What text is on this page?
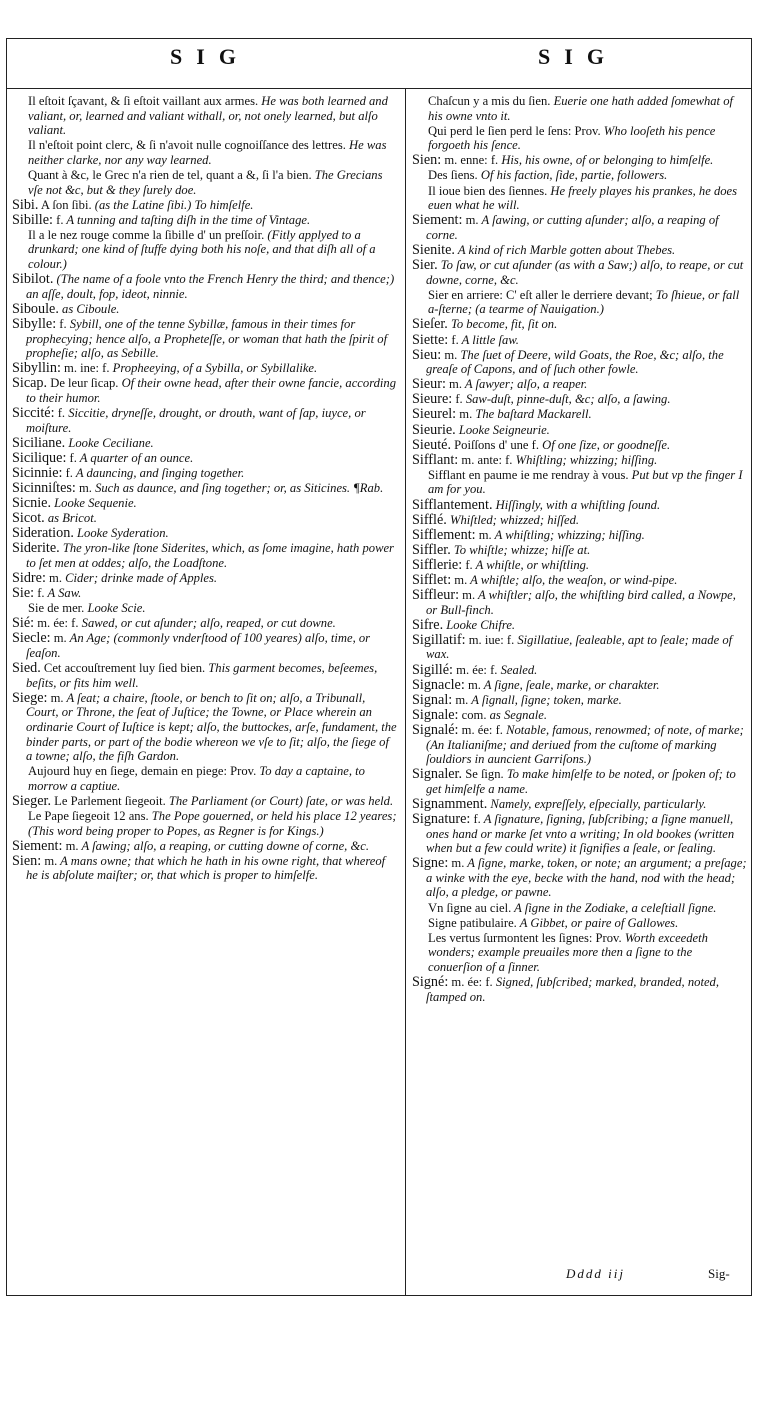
SIG	SIG

Il eſtoit ſçavant, & ſi eſtoit vaillant aux armes. He was both learned and valiant, or, learned and valiant withall, or, not onely learned, but alſo valiant.

Il n'eſtoit point clerc, & ſi n'avoit nulle cognoiſſance des lettres. He was neither clarke, nor any way learned.

Quant à &c, le Grec n'a rien de tel, quant a &, ſi l'a bien. The Grecians vſe not &c, but & they ſurely doe.

Sibi. A ſon ſibi. (as the Latine ſibi.) To himſelfe.

Sibille: f. A tunning and taſting diſh in the time of Vintage.

Il a le nez rouge comme la ſibille d' un preſſoir. (Fitly applyed to a drunkard; one kind of ſtuffe dying both his noſe, and that diſh all of a colour.)

Sibilot. (The name of a foole vnto the French Henry the third; and thence;) an aſſe, doult, fop, ideot, ninnie.

Siboule. as Ciboule.

Sibylle: f. Sybill, one of the tenne Sybillæ, famous in their times for prophecying; hence alſo, a Propheteſſe, or woman that hath the ſpirit of propheſie; alſo, as Sebille.

Sibyllin: m. ine: f. Propheeying, of a Sybilla, or Sybillalike.

Sicap. De leur ſicap. Of their owne head, after their owne fancie, according to their humor.

Siccité: f. Siccitie, dryneſſe, drought, or drouth, want of ſap, iuyce, or moiſture.

Siciliane. Looke Ceciliane.

Sicilique: f. A quarter of an ounce.

Sicinnie: f. A dauncing, and ſinging together.

Sicinniſtes: m. Such as daunce, and ſing together; or, as Siticines. ¶Rab.

Sicnie. Looke Sequenie.

Sicot. as Bricot.

Sideration. Looke Syderation.

Siderite. The yron-like ſtone Siderites, which, as ſome imagine, hath power to ſet men at oddes; alſo, the Loadſtone.

Sidre: m. Cider; drinke made of Apples.

Sie: f. A Saw.

Sie de mer. Looke Scie.

Sié: m. ée: f. Sawed, or cut aſunder; alſo, reaped, or cut downe.

Siecle: m. An Age; (commonly vnderſtood of 100 yeares) alſo, time, or ſeaſon.

Sied. Cet accouſtrement luy ſied bien. This garment becomes, beſeemes, beſits, or fits him well.

Siege: m. A ſeat; a chaire, ſtoole, or bench to ſit on; alſo, a Tribunall, Court, or Throne, the ſeat of Juſtice; the Towne, or Place wherein an ordinarie Court of Iuſtice is kept; alſo, the buttockes, arſe, fundament, the binder parts, or part of the bodie whereon we vſe to ſit; alſo, the ſiege of a towne; alſo, the fiſh Gardon.

Aujourd huy en ſiege, demain en piege: Prov. To day a captaine, to morrow a captiue.

Sieger. Le Parlement ſiegeoit. The Parliament (or Court) ſate, or was held.

Le Pape ſiegeoit 12 ans. The Pope gouerned, or held his place 12 yeares; (This word being proper to Popes, as Regner is for Kings.)

Siement: m. A ſawing; alſo, a reaping, or cutting downe of corne, &c.

Sien: m. A mans owne; that which he hath in his owne right, that whereof he is abſolute maiſter; or, that which is proper to himſelfe.

Chaſcun y a mis du ſien. Euerie one hath added ſomewhat of his owne vnto it.

Qui perd le ſien perd le ſens: Prov. Who looſeth his pence forgoeth his ſence.

Sien: m. enne: f. His, his owne, of or belonging to himſelfe.

Des ſiens. Of his faction, ſide, partie, followers.

Il ioue bien des ſiennes. He freely playes his prankes, he does euen what he will.

Siement: m. A ſawing, or cutting aſunder; alſo, a reaping of corne.

Sienite. A kind of rich Marble gotten about Thebes.

Sier. To ſaw, or cut aſunder (as with a Saw;) alſo, to reape, or cut downe, corne, &c.

Sier en arriere: C' eſt aller le derriere devant; To ſhieue, or fall a-ſterne; (a tearme of Nauigation.)

Sieſer. To become, fit, ſit on.

Siette: f. A little ſaw.

Sieu: m. The ſuet of Deere, wild Goats, the Roe, &c; alſo, the greaſe of Capons, and of ſuch other fowle.

Sieur: m. A ſawyer; alſo, a reaper.

Sieure: f. Saw-duſt, pinne-duſt, &c; alſo, a ſawing.

Sieurel: m. The baſtard Mackarell.

Sieurie. Looke Seigneurie.

Sieuté. Poiſſons d' une f. Of one ſize, or goodneſſe.

Sifflant: m. ante: f. Whiſtling; whizzing; hiſſing.

Sifflant en paume ie me rendray à vous. Put but vp the finger I am for you.

Sifflantement. Hiſſingly, with a whiſtling ſound.

Sifflé. Whiſtled; whizzed; hiſſed.

Sifflement: m. A whiſtling; whizzing; hiſſing.

Siffler. To whiſtle; whizze; hiſſe at.

Sifflerie: f. A whiſtle, or whiſtling.

Sifflet: m. A whiſtle; alſo, the weaſon, or wind-pipe.

Siffleur: m. A whiſtler; alſo, the whiſtling bird called, a Nowpe, or Bull-finch.

Sifre. Looke Chifre.

Sigillatif: m. iue: f. Sigillatiue, ſealeable, apt to ſeale; made of wax.

Sigillé: m. ée: f. Sealed.

Signacle: m. A ſigne, ſeale, marke, or charakter.

Signal: m. A ſignall, ſigne; token, marke.

Signale: com. as Segnale.

Signalé: m. ée: f. Notable, famous, renowmed; of note, of marke; (An Italianiſme; and deriued from the cuſtome of marking ſouldiors in auncient Garriſons.)

Signaler. Se ſign. To make himſelfe to be noted, or ſpoken of; to get himſelfe a name.

Signamment. Namely, expreſſely, eſpecially, particularly.

Signature: f. A ſignature, ſigning, ſubſcribing; a ſigne manuell, ones hand or marke ſet vnto a writing; In old bookes (written when but a few could write) it ſignifies a ſeale, or ſealing.

Signe: m. A ſigne, marke, token, or note; an argument; a preſage; a winke with the eye, becke with the hand, nod with the head; alſo, a pledge, or pawne.

Vn ſigne au ciel. A ſigne in the Zodiake, a celeſtiall ſigne.

Signe patibulaire. A Gibbet, or paire of Gallowes.

Les vertus ſurmontent les ſignes: Prov. Worth exceedeth wonders; example preuailes more then a ſigne to the conuerſion of a ſinner.

Signé: m. ée: f. Signed, ſubſcribed; marked, branded, noted, ſtamped on.

Dddd iij	Sig-
